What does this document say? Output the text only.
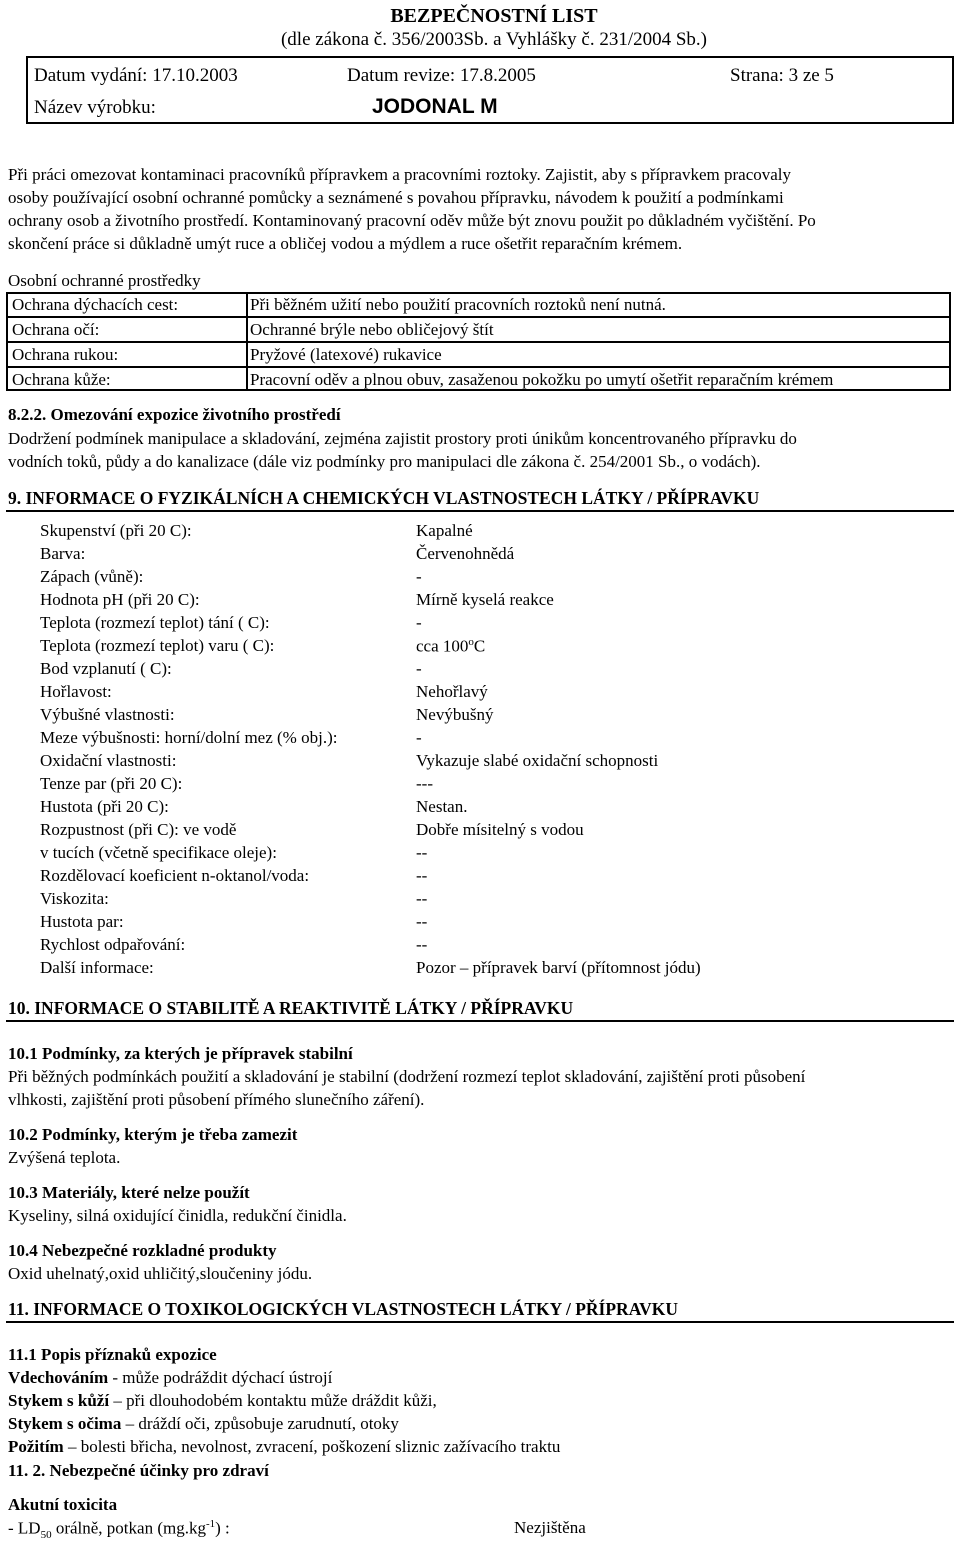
BEZPEČNOSTNÍ LIST
(dle zákona č. 356/2003Sb. a Vyhlášky č. 231/2004 Sb.)
Datum vydání: 17.10.2003	Datum revize: 17.8.2005	Strana: 3 ze 5
Název výrobku:	JODONAL M
Při práci omezovat kontaminaci pracovníků přípravkem a pracovními roztoky. Zajistit, aby s přípravkem pracovaly
osoby používající osobní ochranné pomůcky a seznámené s povahou přípravku, návodem k použití a podmínkami
ochrany osob a životního prostředí. Kontaminovaný pracovní oděv může být znovu použit po důkladném vyčištění. Po
skončení práce si důkladně umýt ruce a obličej vodou a mýdlem a ruce ošetřit reparačním krémem.
Osobní ochranné prostředky
Ochrana dýchacích cest:	Při běžném užití nebo použití pracovních roztoků není nutná.
Ochrana očí:	Ochranné brýle nebo obličejový štít
Ochrana rukou:	Pryžové (latexové) rukavice
Ochrana kůže:	Pracovní oděv a plnou obuv, zasaženou pokožku po umytí ošetřit reparačním krémem
8.2.2. Omezování expozice životního prostředí
Dodržení podmínek manipulace a skladování, zejména zajistit prostory proti únikům koncentrovaného přípravku do
vodních toků, půdy a do kanalizace (dále viz podmínky pro manipulaci dle zákona č. 254/2001 Sb., o vodách).
9. INFORMACE O FYZIKÁLNÍCH A CHEMICKÝCH VLASTNOSTECH LÁTKY / PŘÍPRAVKU
Skupenství (při 20 C):	Kapalné
Barva:	Červenohnědá
Zápach (vůně):	-
Hodnota pH (při 20 C):	Mírně kyselá reakce
Teplota (rozmezí teplot) tání ( C):	-
Teplota (rozmezí teplot) varu ( C):	cca 100$^o$C
Bod vzplanutí ( C):	-
Hořlavost:	Nehořlavý
Výbušné vlastnosti:	Nevýbušný
Meze výbušnosti: horní/dolní mez (% obj.):	-
Oxidační vlastnosti:	Vykazuje slabé oxidační schopnosti
Tenze par (při 20 C):	---
Hustota (při 20 C):	Nestan.
Rozpustnost (při C): ve vodě	Dobře mísitelný s vodou
v tucích (včetně specifikace oleje):	--
Rozdělovací koeficient n-oktanol/voda:	--
Viskozita:	--
Hustota par:	--
Rychlost odpařování:	--
Další informace:	Pozor – přípravek barví (přítomnost jódu)
10. INFORMACE O STABILITĚ A REAKTIVITĚ LÁTKY / PŘÍPRAVKU
10.1 Podmínky, za kterých je přípravek stabilní
Při běžných podmínkách použití a skladování je stabilní (dodržení rozmezí teplot skladování, zajištění proti působení
vlhkosti, zajištění proti působení přímého slunečního záření).
10.2 Podmínky, kterým je třeba zamezit
Zvýšená teplota.
10.3 Materiály, které nelze použít
Kyseliny, silná oxidující činidla, redukční činidla.
10.4 Nebezpečné rozkladné produkty
Oxid uhelnatý,oxid uhličitý,sloučeniny jódu.
11. INFORMACE O TOXIKOLOGICKÝCH VLASTNOSTECH LÁTKY / PŘÍPRAVKU
11.1 Popis příznaků expozice
Vdechováním - může podráždit dýchací ústrojí
Stykem s kůží – při dlouhodobém kontaktu může dráždit kůži,
Stykem s očima – dráždí oči, způsobuje zarudnutí, otoky
Požitím – bolesti břicha, nevolnost, zvracení, poškození sliznic zažívacího traktu
11. 2. Nebezpečné účinky pro zdraví
Akutní toxicita
- $LD_{50}$ orálně, potkan $(mg.kg^{-1})$ :	Nezjištěna
